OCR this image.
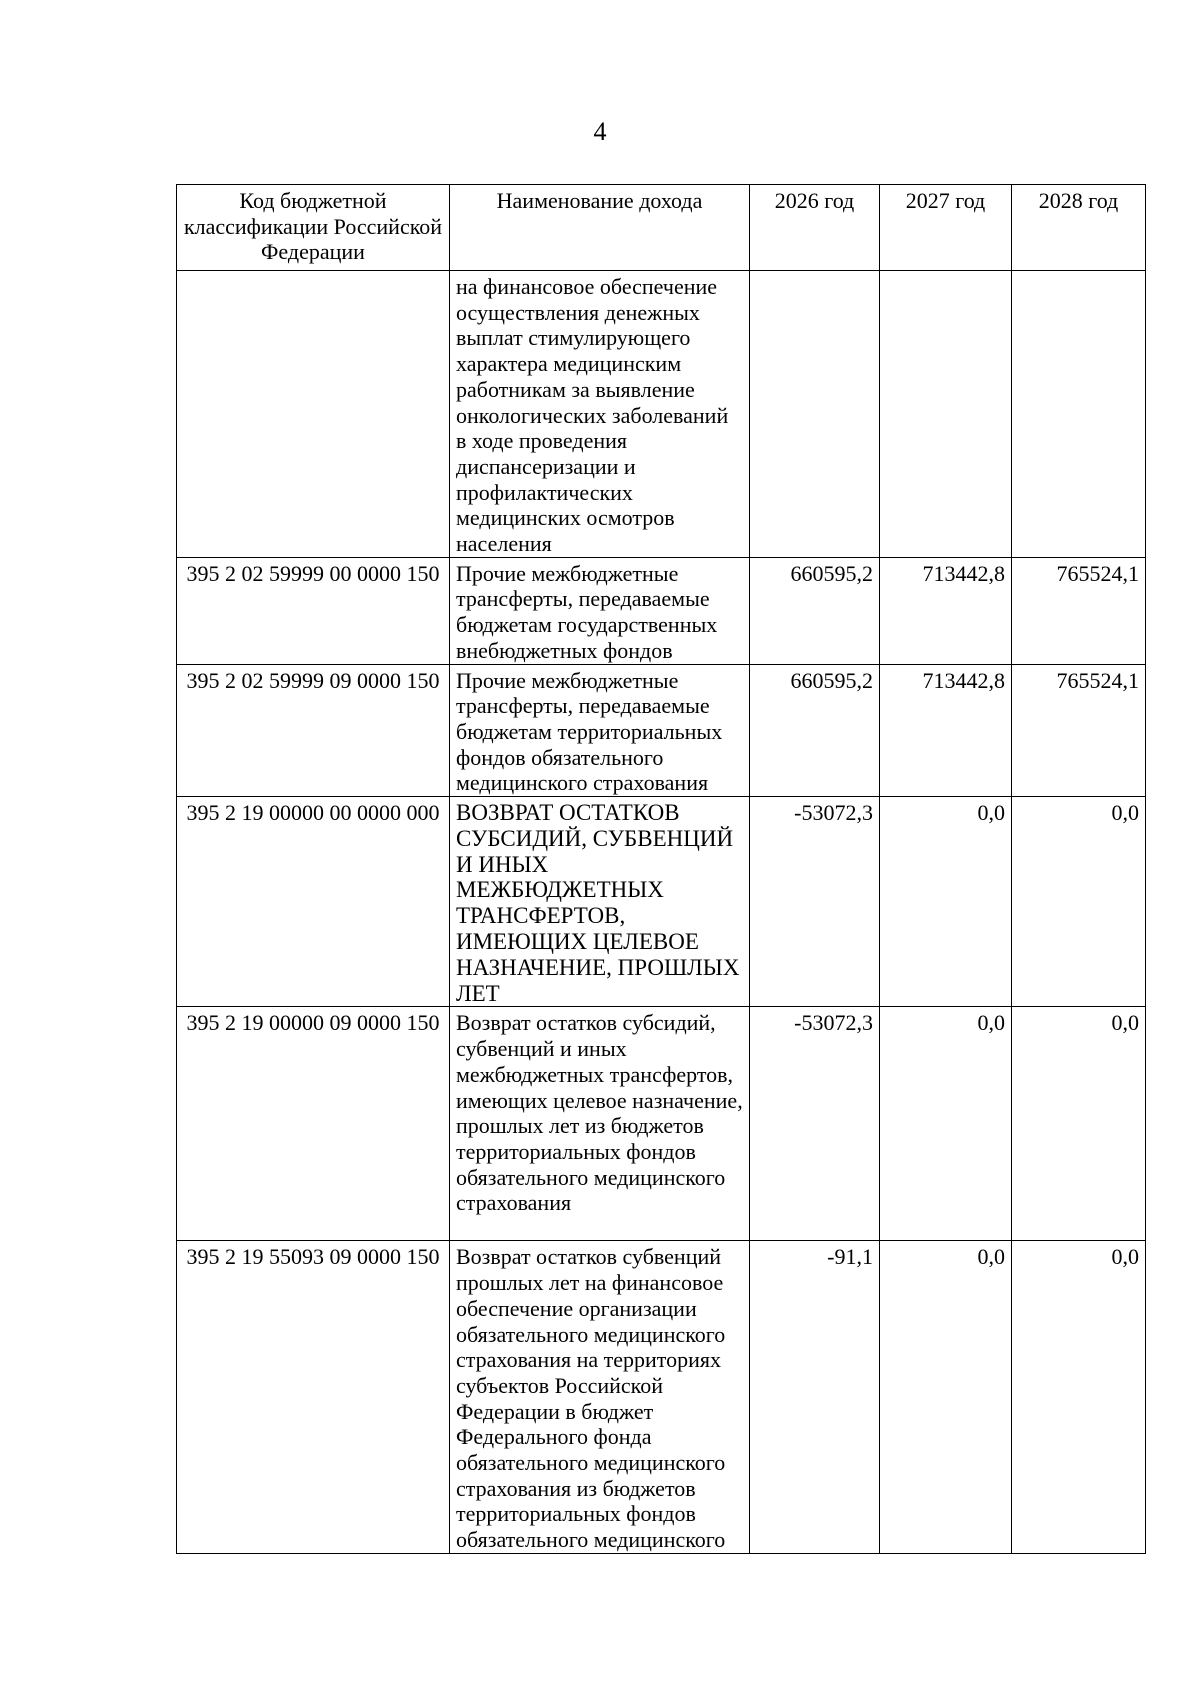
4
Код бюджетной классификации Российской Федерации	Наименование дохода	2026 год	2027 год	2028 год
	на финансовое обеспечение осуществления денежных выплат стимулирующего характера медицинским работникам за выявление онкологических заболеваний в ходе проведения диспансеризации и профилактических медицинских осмотров населения			
395 2 02 59999 00 0000 150	Прочие межбюджетные трансферты, передаваемые бюджетам государственных внебюджетных фондов	660595,2	713442,8	765524,1
395 2 02 59999 09 0000 150	Прочие межбюджетные трансферты, передаваемые бюджетам территориальных фондов обязательного медицинского страхования	660595,2	713442,8	765524,1
395 2 19 00000 00 0000 000	ВОЗВРАТ ОСТАТКОВ СУБСИДИЙ, СУБВЕНЦИЙ И ИНЫХ МЕЖБЮДЖЕТНЫХ ТРАНСФЕРТОВ, ИМЕЮЩИХ ЦЕЛЕВОЕ НАЗНАЧЕНИЕ, ПРОШЛЫХ ЛЕТ	-53072,3	0,0	0,0
395 2 19 00000 09 0000 150	Возврат остатков субсидий, субвенций и иных межбюджетных трансфертов, имеющих целевое назначение, прошлых лет из бюджетов территориальных фондов обязательного медицинского страхования	-53072,3	0,0	0,0
395 2 19 55093 09 0000 150	Возврат остатков субвенций прошлых лет на финансовое обеспечение организации обязательного медицинского страхования на территориях субъектов Российской Федерации в бюджет Федерального фонда обязательного медицинского страхования из бюджетов территориальных фондов обязательного медицинского	-91,1	0,0	0,0
